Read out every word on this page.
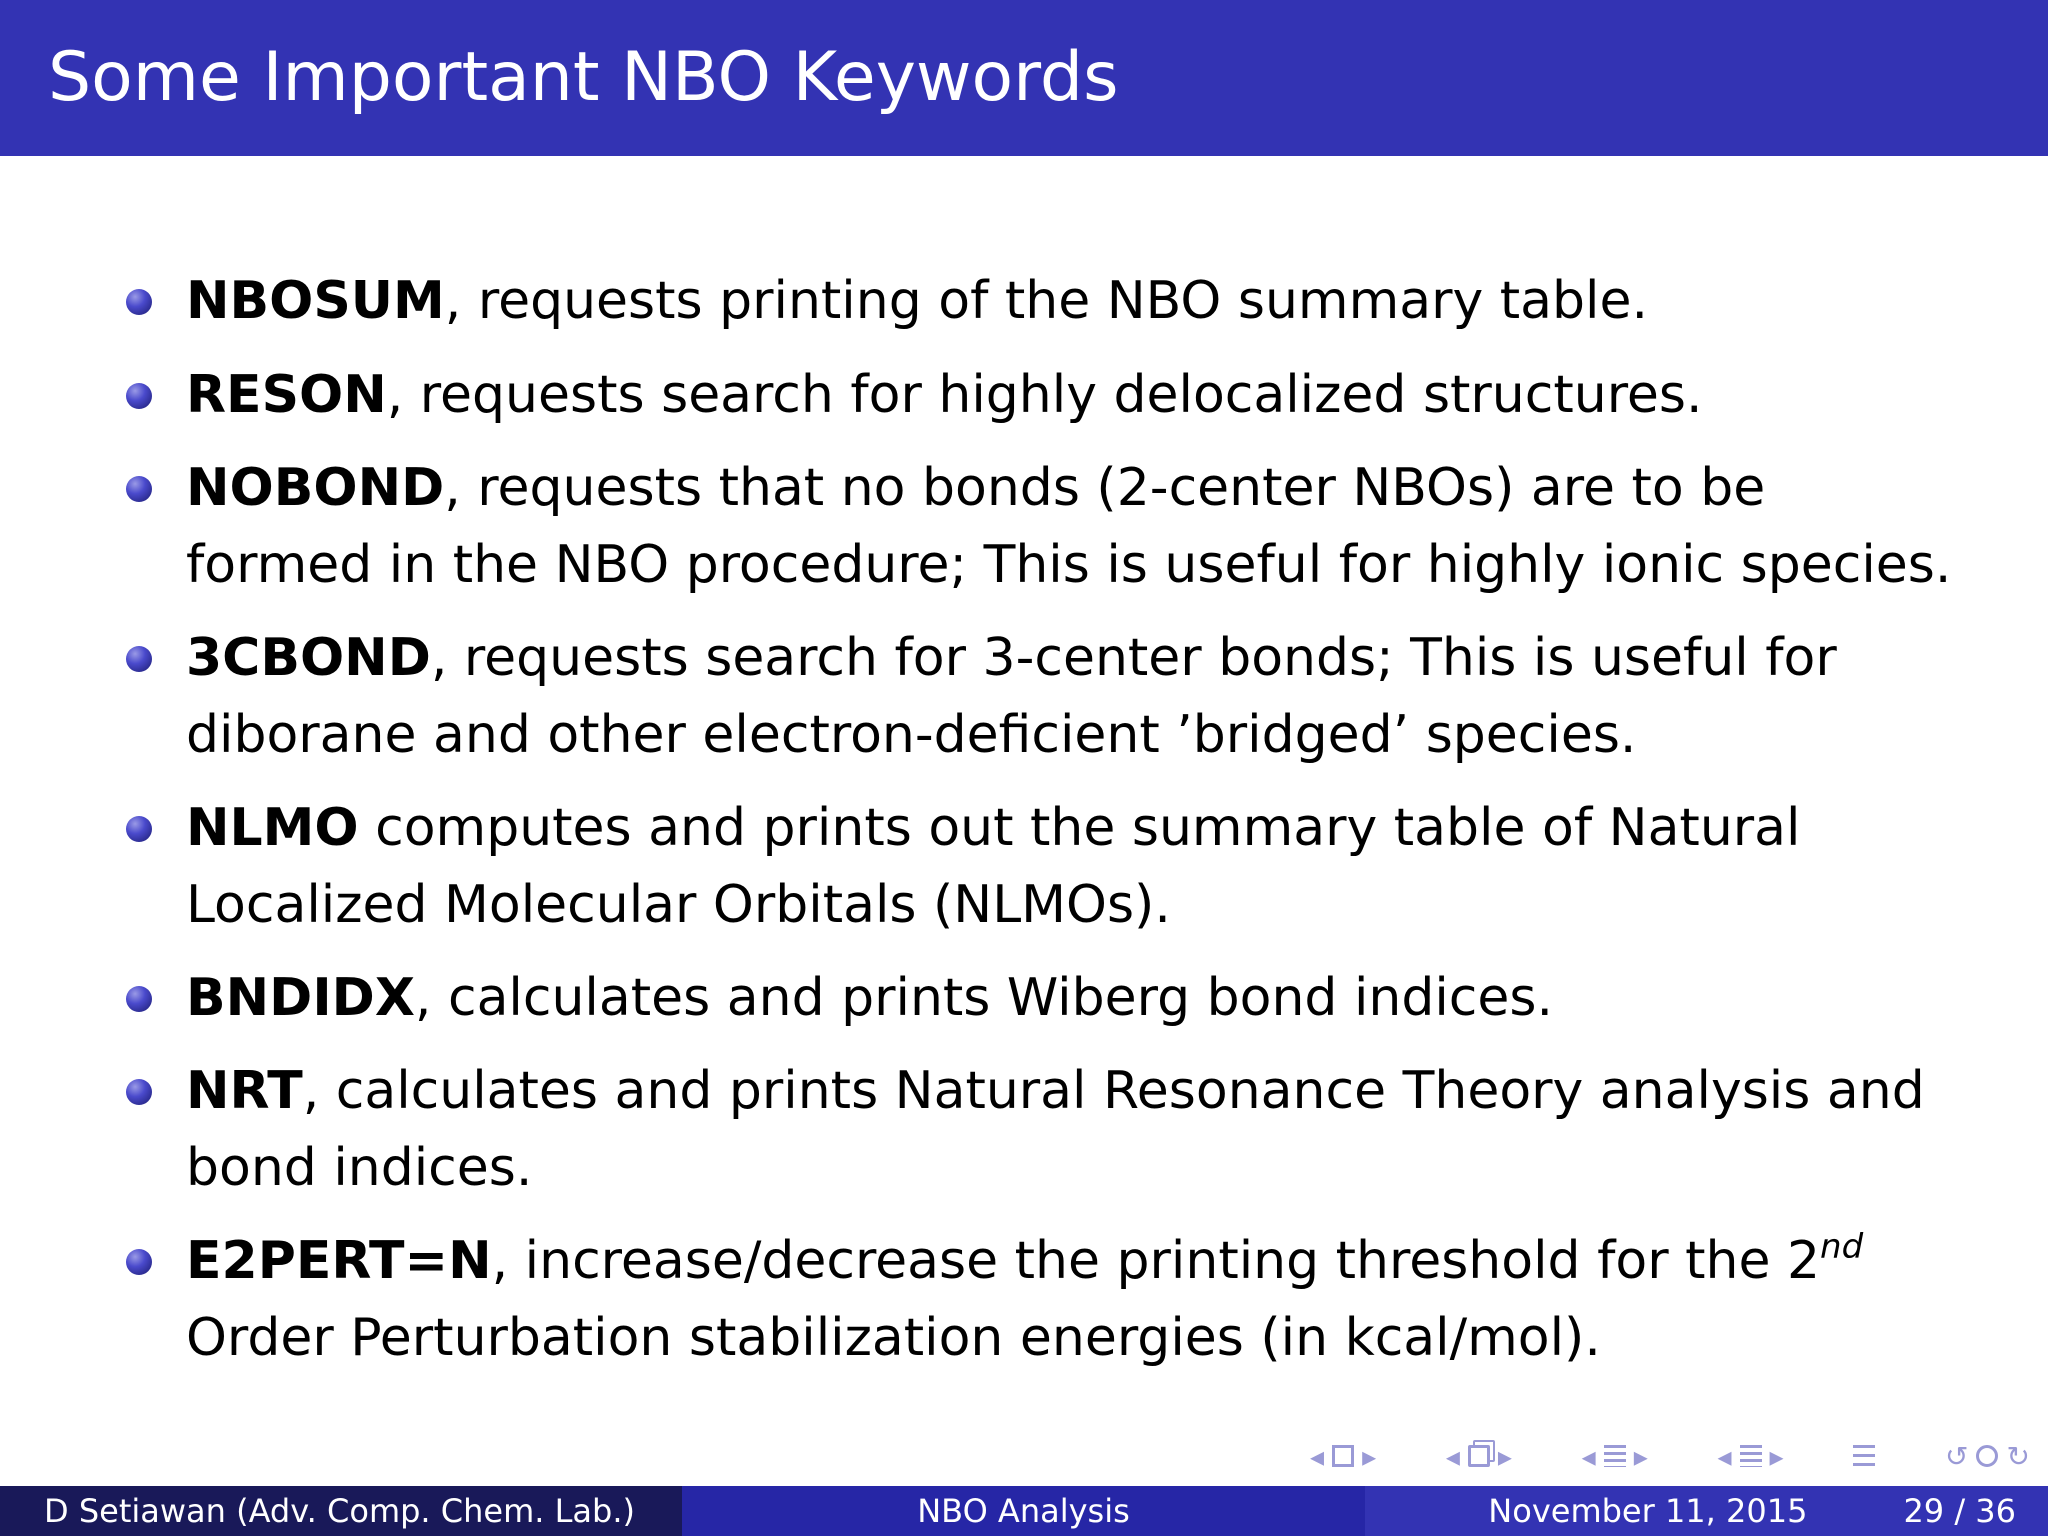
Some Important NBO Keywords
NBOSUM, requests printing of the NBO summary table.
RESON, requests search for highly delocalized structures.
NOBOND, requests that no bonds (2-center NBOs) are to be
formed in the NBO procedure; This is useful for highly ionic species.
3CBOND, requests search for 3-center bonds; This is useful for
diborane and other electron-deficient ’bridged’ species.
NLMO computes and prints out the summary table of Natural
Localized Molecular Orbitals (NLMOs).
BNDIDX, calculates and prints Wiberg bond indices.
NRT, calculates and prints Natural Resonance Theory analysis and
bond indices.
E2PERT=N, increase/decrease the printing threshold for the 2nd
Order Perturbation stabilization energies (in kcal/mol).
◂ ▸ ◂ ▸ ◂ ▸ ◂ ▸	↺ ↻
D Setiawan (Adv. Comp. Chem. Lab.)	NBO Analysis	November 11, 2015	29 / 36
